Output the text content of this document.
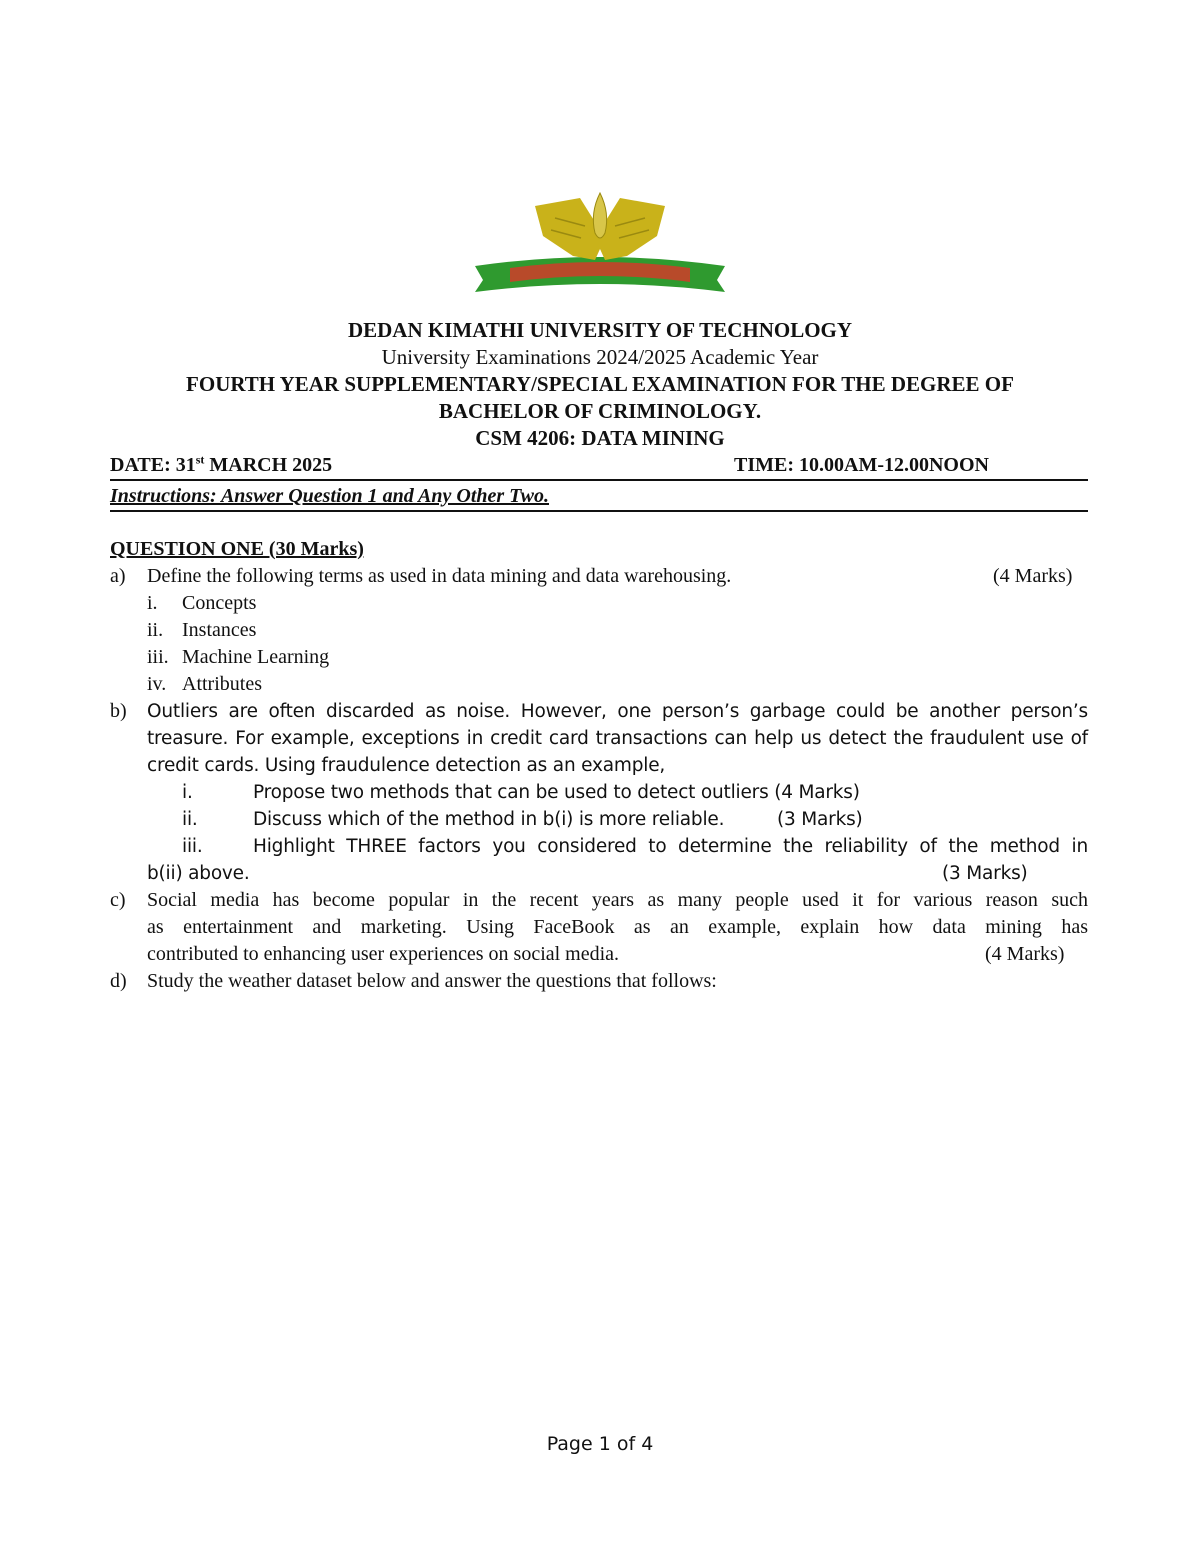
DEDAN KIMATHI UNIVERSITY OF TECHNOLOGY
University Examinations 2024/2025 Academic Year
FOURTH YEAR SUPPLEMENTARY/SPECIAL EXAMINATION FOR THE DEGREE OF
BACHELOR OF CRIMINOLOGY.
CSM 4206: DATA MINING
DATE: 31st MARCH 2025	TIME: 10.00AM-12.00NOON
Instructions: Answer Question 1 and Any Other Two.
QUESTION ONE (30 Marks)
a) Define the following terms as used in data mining and data warehousing.	(4 Marks)
i. Concepts
ii. Instances
iii. Machine Learning
iv. Attributes
b) Outliers are often discarded as noise. However, one person’s garbage could be another person’s
treasure. For example, exceptions in credit card transactions can help us detect the fraudulent use of
credit cards. Using fraudulence detection as an example,
i.	Propose two methods that can be used to detect outliers (4 Marks)
ii.	Discuss which of the method in b(i) is more reliable.	(3 Marks)
iii.	Highlight THREE factors you considered to determine the reliability of the method in
b(ii) above.	(3 Marks)
c) Social media has become popular in the recent years as many people used it for various reason such
as entertainment and marketing. Using FaceBook as an example, explain how data mining has
contributed to enhancing user experiences on social media.	(4 Marks)
d) Study the weather dataset below and answer the questions that follows:
Page 1 of 4
